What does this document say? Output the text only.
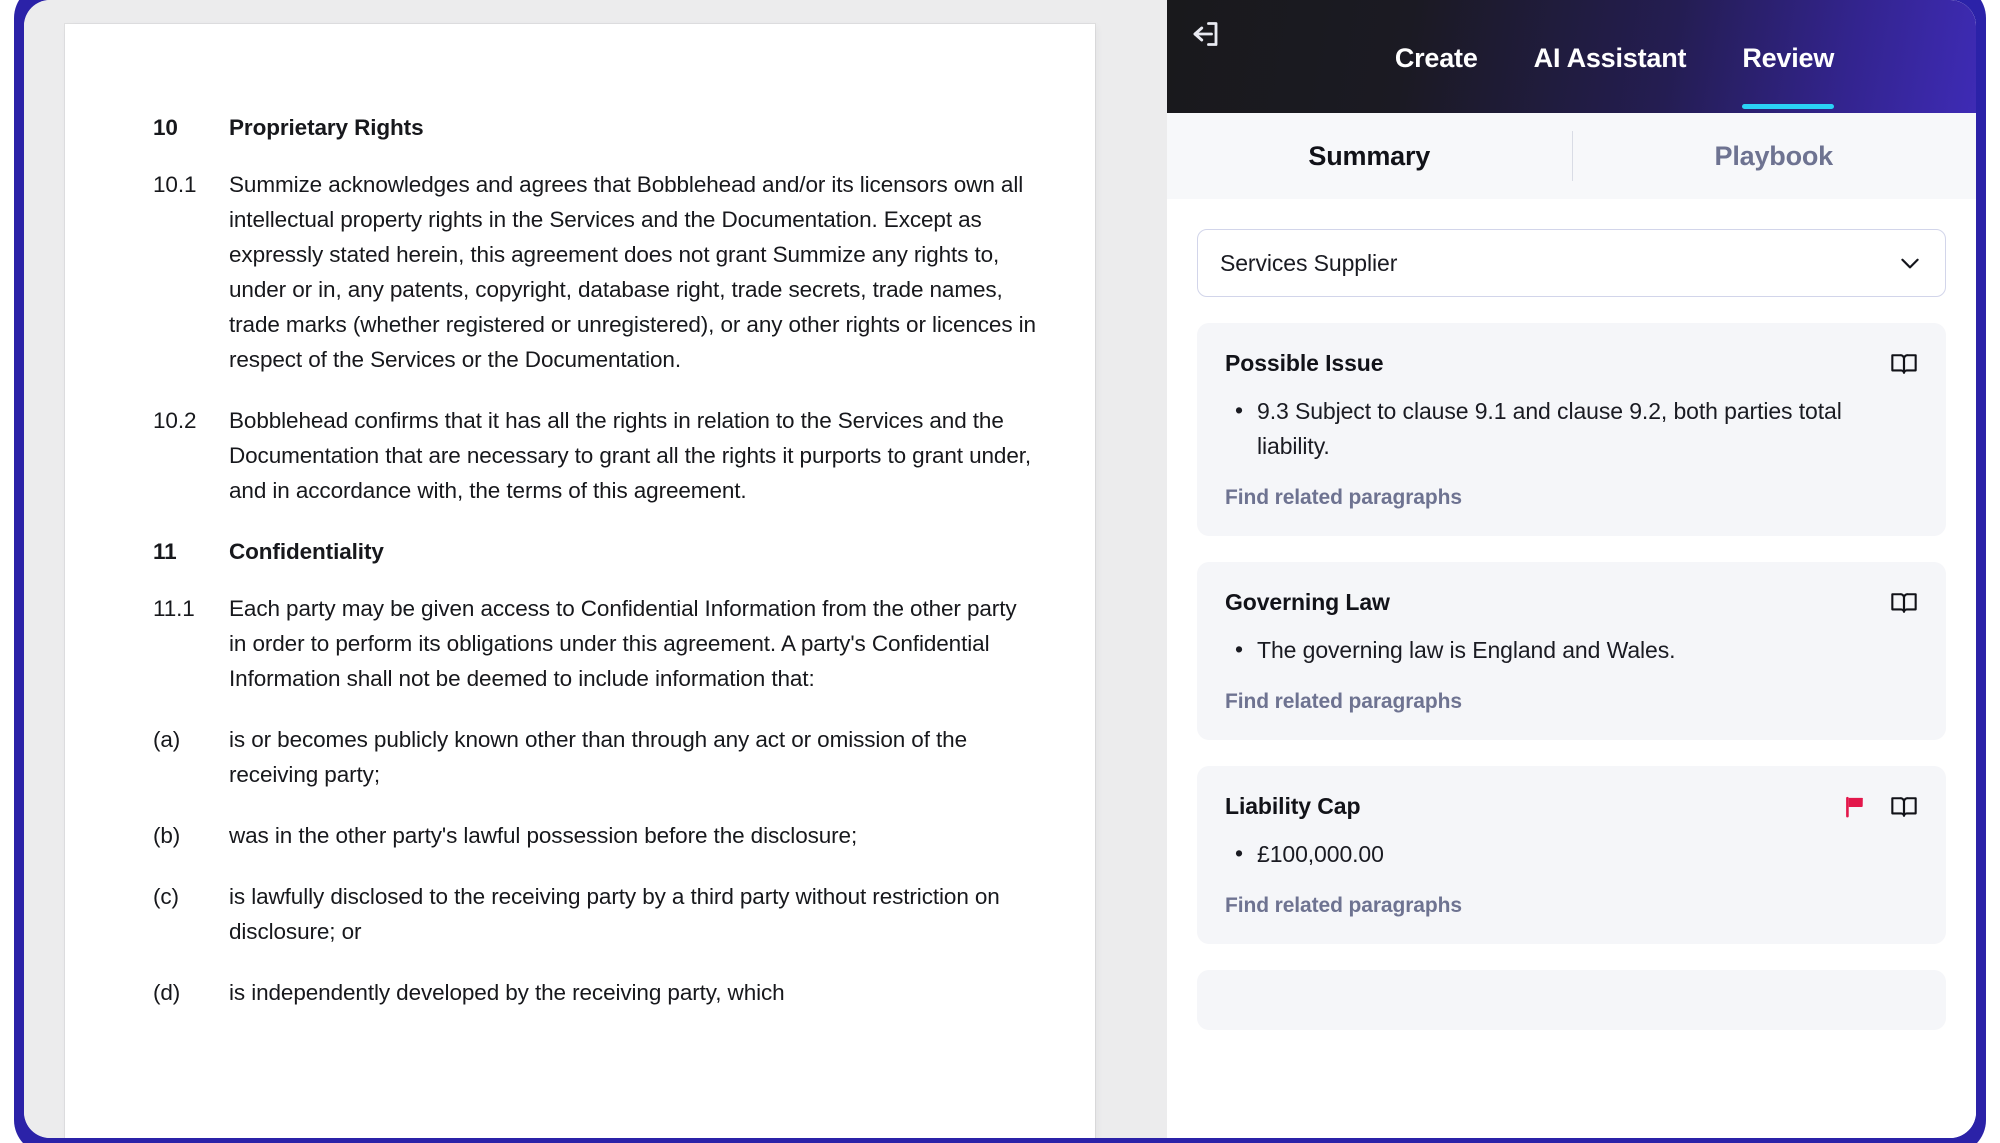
10	Proprietary Rights
10.1	Summize acknowledges and agrees that Bobblehead and/or its licensors own all intellectual property rights in the Services and the Documentation. Except as expressly stated herein, this agreement does not grant Summize any rights to, under or in, any patents, copyright, database right, trade secrets, trade names, trade marks (whether registered or unregistered), or any other rights or licences in respect of the Services or the Documentation.
10.2	Bobblehead confirms that it has all the rights in relation to the Services and the Documentation that are necessary to grant all the rights it purports to grant under, and in accordance with, the terms of this agreement.
11	Confidentiality
11.1	Each party may be given access to Confidential Information from the other party in order to perform its obligations under this agreement. A party's Confidential Information shall not be deemed to include information that:
(a)	is or becomes publicly known other than through any act or omission of the receiving party;
(b)	was in the other party's lawful possession before the disclosure;
(c)	is lawfully disclosed to the receiving party by a third party without restriction on disclosure; or
(d)	is independently developed by the receiving party, which
Create	AI Assistant	Review
Summary	Playbook
Services Supplier
Possible Issue
• 9.3 Subject to clause 9.1 and clause 9.2, both parties total liability.
Find related paragraphs
Governing Law
• The governing law is England and Wales.
Find related paragraphs
Liability Cap
• £100,000.00
Find related paragraphs
